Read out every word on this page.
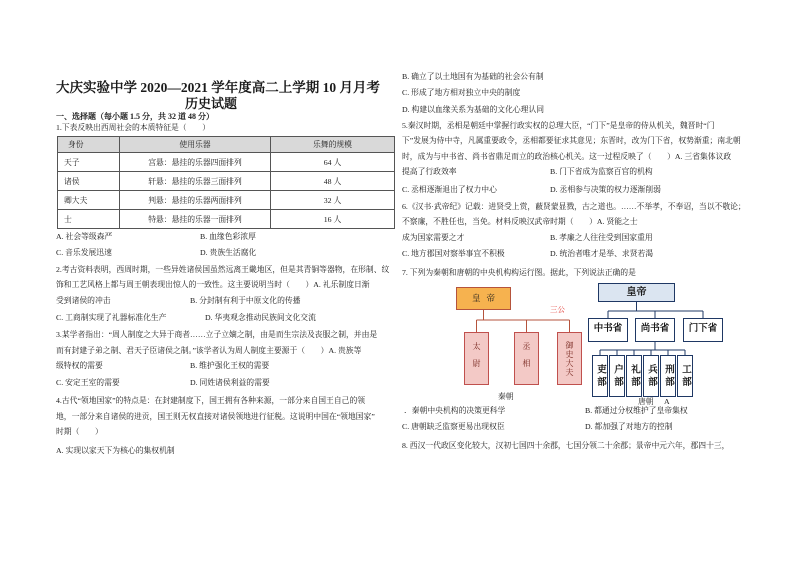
大庆实验中学 2020—2021 学年度高二上学期 10 月月考
历史试题
一、选择题（每小题 1.5 分，共 32 道 48 分）
1.下表反映出西周社会的本质特征是（　　）
身份	使用乐器	乐舞的规模
天子	宫悬：悬挂的乐器四面排列	64 人
诸侯	轩悬：悬挂的乐器三面排列	48 人
卿大夫	判悬：悬挂的乐器两面排列	32 人
士	特悬：悬挂的乐器一面排列	16 人
A. 社会等级森严	B. 血缘色彩浓厚
C. 音乐发展迅速	D. 贵族生活腐化
2.考古资料表明，西周时期，一些异姓诸侯国虽然远离王畿地区，但是其青铜等器物，在形制、纹
饰和工艺风格上都与周王朝表现出惊人的一致性。这主要说明当时（　　）A. 礼乐制度日渐
受到诸侯的冲击	B. 分封制有利于中原文化的传播
C. 工商制实现了礼器标准化生产	D. 华夷观念推动民族间文化交流
3.某学者指出：“周人制度之大异于商者……立子立嫡之制，由是而生宗法及丧服之制，并由是
而有封建子弟之制、君天子臣诸侯之制。”该学者认为周人制度主要源于（　　）A. 贵族等
级特权的需要	B. 维护强化王权的需要
C. 安定王室的需要	D. 同姓诸侯利益的需要
4.古代“领地国家”的特点是：在封建制度下，国王拥有各种来源，一部分来自国王自己的领
地，一部分来自诸侯的进贡，国王则无权直接对诸侯领地进行征税。这说明中国在“领地国家”
时期（　　）
A. 实现以家天下为核心的集权机制
B. 确立了以土地国有为基础的社会公有制
C. 形成了地方相对独立中央的制度
D. 构建以血缘关系为基础的文化心理认同
5.秦汉时期，丞相是朝廷中掌握行政实权的总理大臣，“门下”是皇帝的侍从机关，魏晋时“门
下”发展为侍中寺，凡属重要政令，丞相都要征求其意见；东晋时，改为门下省，权势渐重；南北朝
时，成为与中书省、尚书省鼎足而立的政治核心机关。这一过程反映了（　　）A. 三省集体议政
提高了行政效率	B. 门下省成为监察百官的机构
C. 丞相逐渐退出了权力中心	D. 丞相参与决策的权力逐渐削弱
6.《汉书·武帝纪》记载：进贤受上赏，蔽贤蒙显戮，古之道也。……不举孝，不奉诏，当以不敬论；
不察廉，不胜任也，当免。材料反映汉武帝时期（　　）A. 贤能之士
成为国家需要之才	B. 孝廉之人往往受到国家重用
C. 地方郡国对察举事宜不积极	D. 统治者唯才是举、求贤若渴
7. 下列为秦朝和唐朝的中央机构构运行图。据此，下列说法正确的是
皇帝
三公
太尉	丞相	御史大夫
秦朝
皇帝
中书省	尚书省	门下省
吏部 户部 礼部 兵部 刑部 工部
唐朝 A
．秦朝中央机构的决策更科学	B. 都通过分权维护了皇帝集权
C. 唐朝缺乏监察更易出现权臣	D. 都加强了对地方的控制
8. 西汉一代政区变化较大，汉初七国四十余郡，七国分领二十余郡；景帝中元六年，郡四十三，
